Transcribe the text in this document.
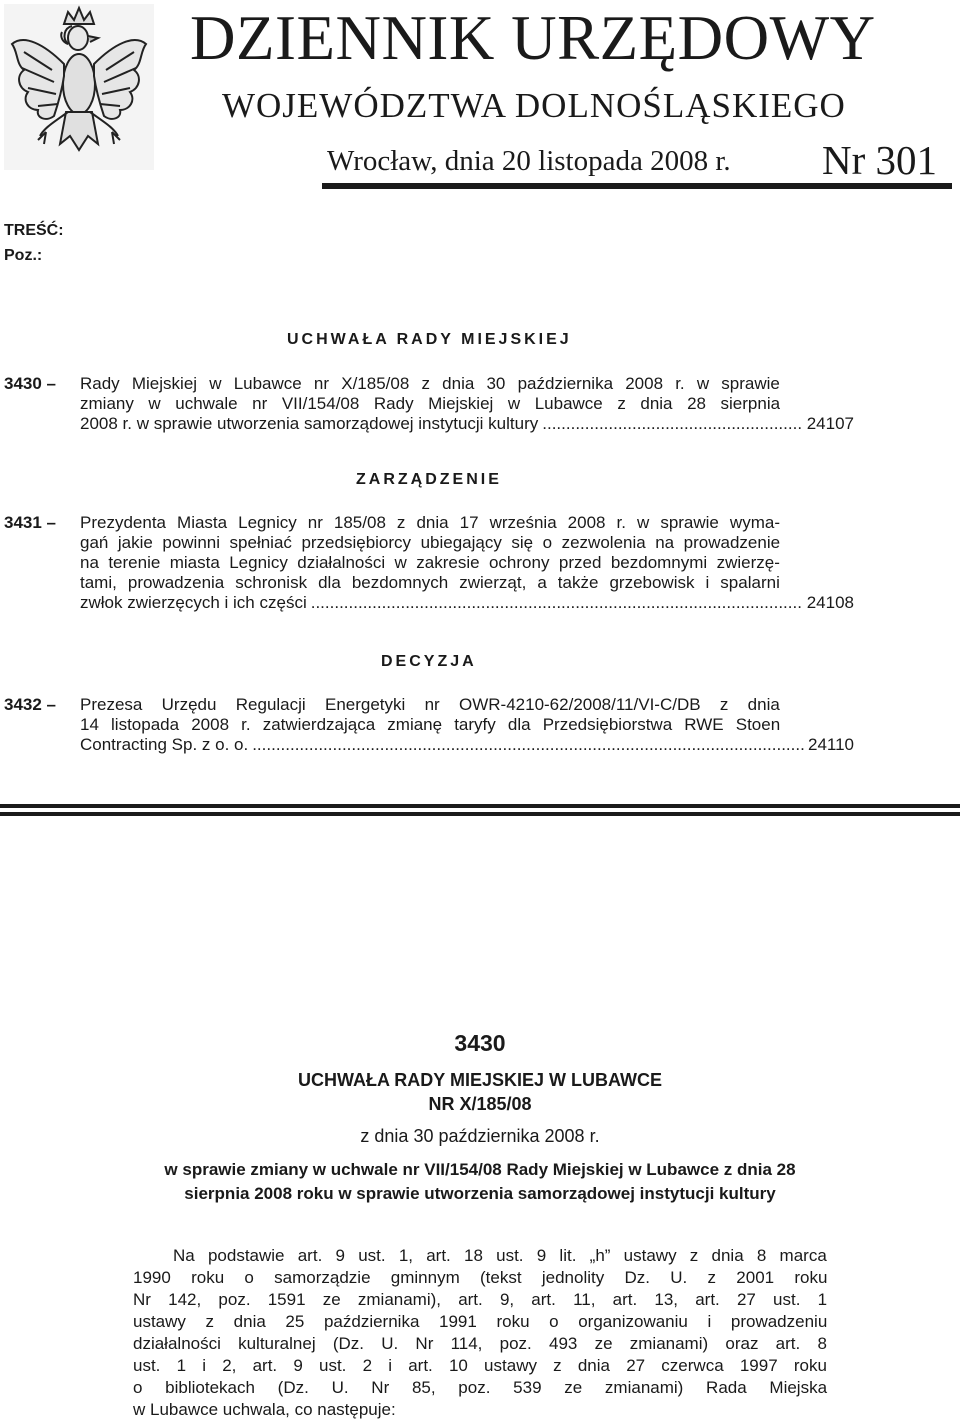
DZIENNIK URZĘDOWY
WOJEWÓDZTWA DOLNOŚLĄSKIEGO
Wrocław, dnia 20 listopada 2008 r. Nr 301
TREŚĆ:
Poz.:
UCHWAŁA RADY MIEJSKIEJ
3430 – Rady Miejskiej w Lubawce nr X/185/08 z dnia 30 października 2008 r. w sprawie
zmiany w uchwale nr VII/154/08 Rady Miejskiej w Lubawce z dnia 28 sierpnia
2008 r. w sprawie utworzenia samorządowej instytucji kultury .....	24107
ZARZĄDZENIE
3431 – Prezydenta Miasta Legnicy nr 185/08 z dnia 17 września 2008 r. w sprawie wyma-
gań jakie powinni spełniać przedsiębiorcy ubiegający się o zezwolenia na prowadzenie
na terenie miasta Legnicy działalności w zakresie ochrony przed bezdomnymi zwierzę-
tami, prowadzenia schronisk dla bezdomnych zwierząt, a także grzebowisk i spalarni
zwłok zwierzęcych i ich części .....	24108
DECYZJA
3432 – Prezesa Urzędu Regulacji Energetyki nr OWR-4210-62/2008/11/VI-C/DB z dnia
14 listopada 2008 r. zatwierdzająca zmianę taryfy dla Przedsiębiorstwa RWE Stoen
Contracting Sp. z o. o. .....	24110
3430
UCHWAŁA RADY MIEJSKIEJ W LUBAWCE
NR X/185/08
z dnia 30 października 2008 r.
w sprawie zmiany w uchwale nr VII/154/08 Rady Miejskiej w Lubawce z dnia 28 sierpnia 2008 roku w sprawie utworzenia samorządowej instytucji kultury
Na podstawie art. 9 ust. 1, art. 18 ust. 9 lit. „h” ustawy z dnia 8 marca
1990 roku o samorządzie gminnym (tekst jednolity Dz. U. z 2001 roku
Nr 142, poz. 1591 ze zmianami), art. 9, art. 11, art. 13, art. 27 ust. 1
ustawy z dnia 25 października 1991 roku o organizowaniu i prowadzeniu
działalności kulturalnej (Dz. U. Nr 114, poz. 493 ze zmianami) oraz art. 8
ust. 1 i 2, art. 9 ust. 2 i art. 10 ustawy z dnia 27 czerwca 1997 roku
o bibliotekach (Dz. U. Nr 85, poz. 539 ze zmianami) Rada Miejska
w Lubawce uchwala, co następuje:
